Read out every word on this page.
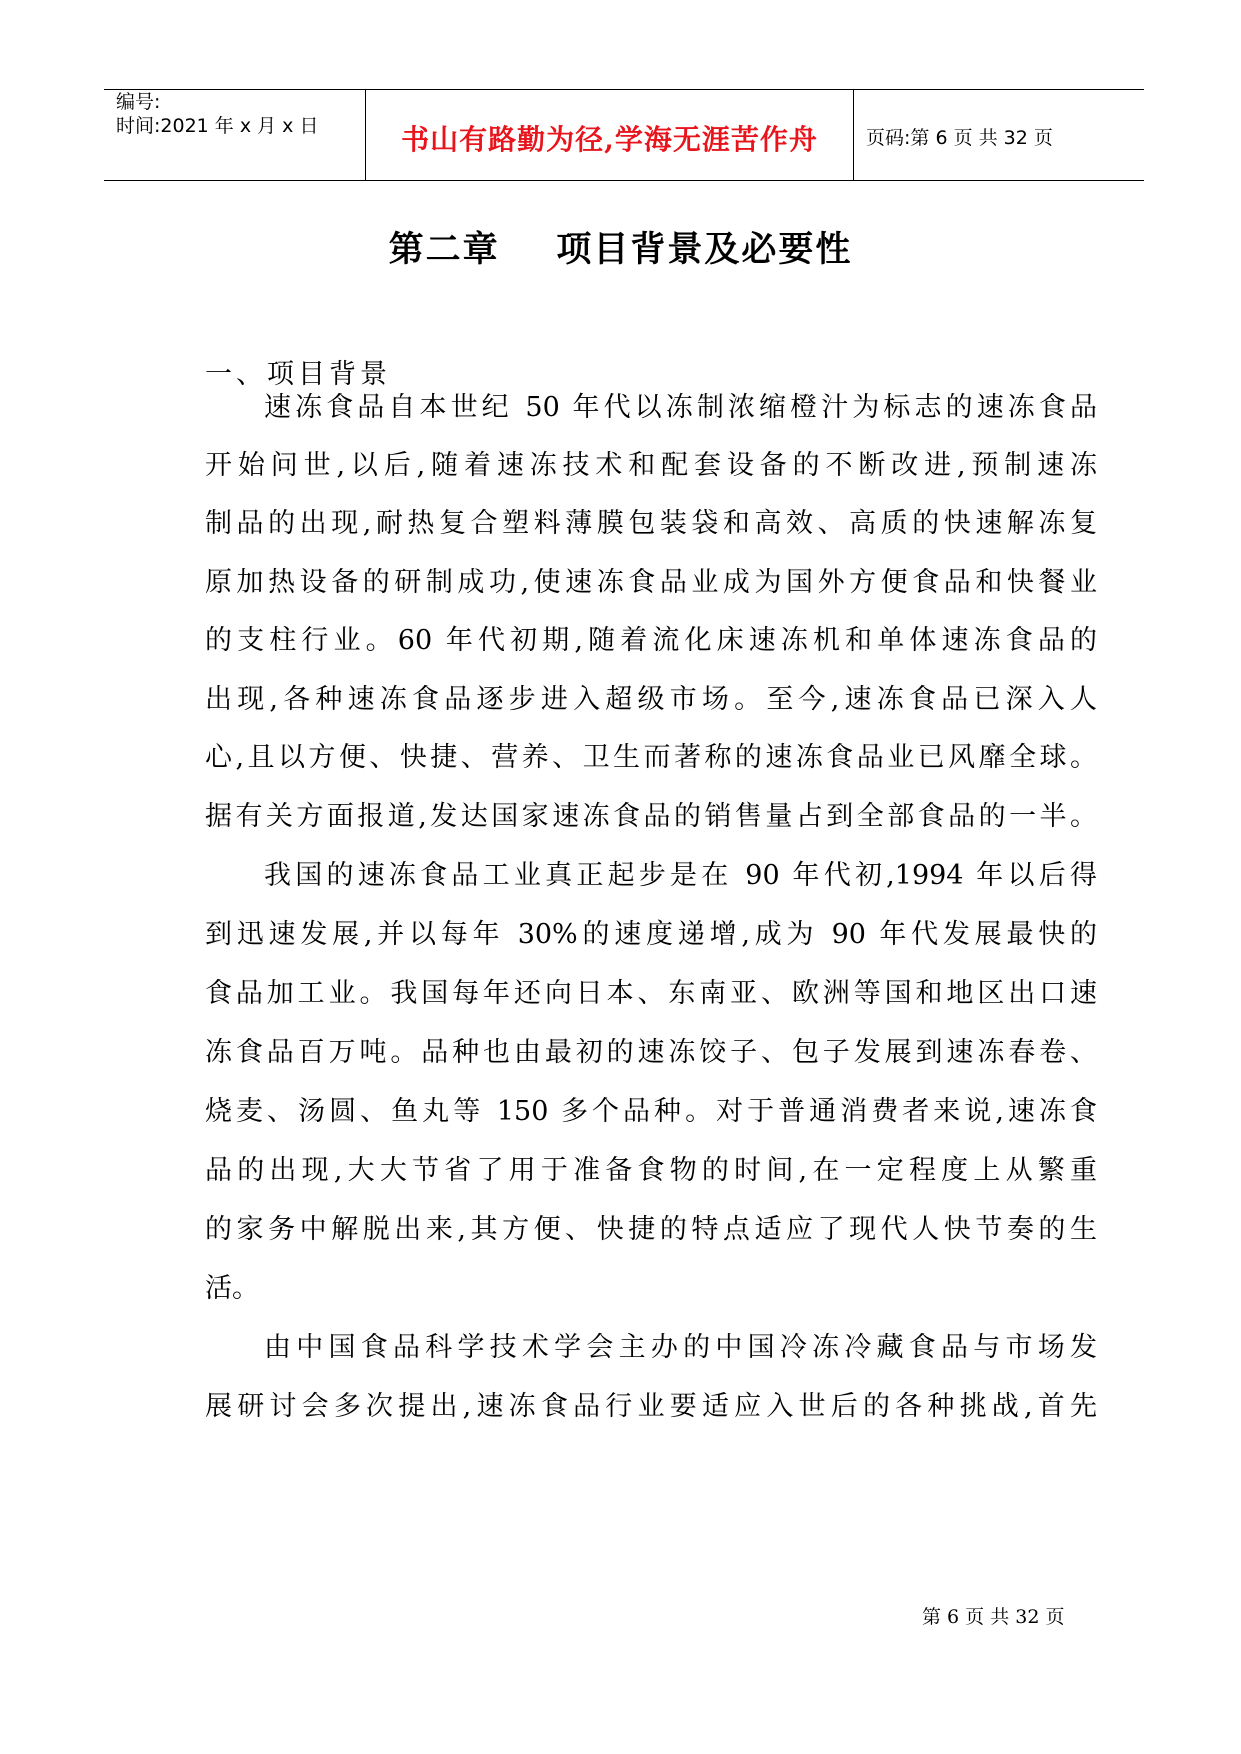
编号:
时间:2021 年 x 月 x 日	书山有路勤为径,学海无涯苦作舟	页码:第 6 页 共 32 页
第二章    项目背景及必要性
一、项目背景
速冻食品自本世纪 50 年代以冻制浓缩橙汁为标志的速冻食品
开始问世,以后,随着速冻技术和配套设备的不断改进,预制速冻
制品的出现,耐热复合塑料薄膜包装袋和高效、高质的快速解冻复
原加热设备的研制成功,使速冻食品业成为国外方便食品和快餐业
的支柱行业。60 年代初期,随着流化床速冻机和单体速冻食品的
出现,各种速冻食品逐步进入超级市场。至今,速冻食品已深入人
心,且以方便、快捷、营养、卫生而著称的速冻食品业已风靡全球。
据有关方面报道,发达国家速冻食品的销售量占到全部食品的一半。
我国的速冻食品工业真正起步是在 90 年代初,1994 年以后得
到迅速发展,并以每年 30%的速度递增,成为 90 年代发展最快的
食品加工业。我国每年还向日本、东南亚、欧洲等国和地区出口速
冻食品百万吨。品种也由最初的速冻饺子、包子发展到速冻春卷、
烧麦、汤圆、鱼丸等 150 多个品种。对于普通消费者来说,速冻食
品的出现,大大节省了用于准备食物的时间,在一定程度上从繁重
的家务中解脱出来,其方便、快捷的特点适应了现代人快节奏的生
活。
由中国食品科学技术学会主办的中国冷冻冷藏食品与市场发
展研讨会多次提出,速冻食品行业要适应入世后的各种挑战,首先
第 6 页 共 32 页
